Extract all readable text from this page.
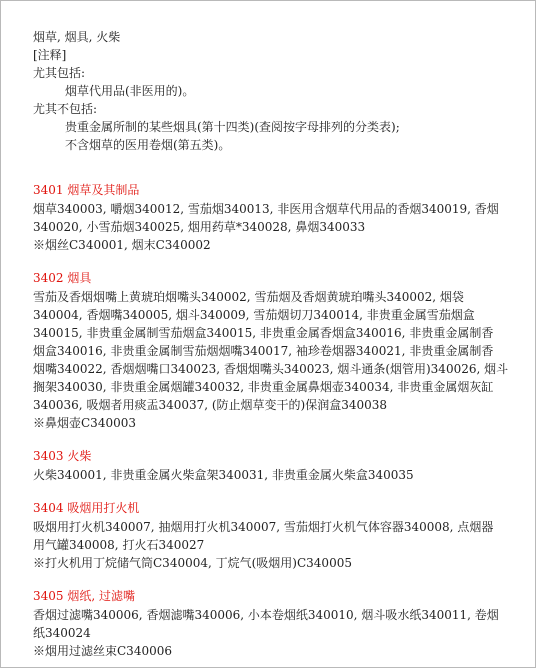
烟草, 烟具, 火柴
[注释]
尤其包括:
烟草代用品(非医用的)。
尤其不包括:
贵重金属所制的某些烟具(第十四类)(查阅按字母排列的分类表);
不含烟草的医用卷烟(第五类)。
3401 烟草及其制品
烟草340003, 嚼烟340012, 雪茄烟340013, 非医用含烟草代用品的香烟340019, 香烟
340020, 小雪茄烟340025, 烟用药草*340028, 鼻烟340033
※烟丝C340001, 烟末C340002
3402 烟具
雪茄及香烟烟嘴上黄琥珀烟嘴头340002, 雪茄烟及香烟黄琥珀嘴头340002, 烟袋
340004, 香烟嘴340005, 烟斗340009, 雪茄烟切刀340014, 非贵重金属雪茄烟盒
340015, 非贵重金属制雪茄烟盒340015, 非贵重金属香烟盒340016, 非贵重金属制香
烟盒340016, 非贵重金属制雪茄烟烟嘴340017, 袖珍卷烟器340021, 非贵重金属制香
烟嘴340022, 香烟烟嘴口340023, 香烟烟嘴头340023, 烟斗通条(烟管用)340026, 烟斗
搁架340030, 非贵重金属烟罐340032, 非贵重金属鼻烟壶340034, 非贵重金属烟灰缸
340036, 吸烟者用痰盂340037, (防止烟草变干的)保润盒340038
※鼻烟壶C340003
3403 火柴
火柴340001, 非贵重金属火柴盒架340031, 非贵重金属火柴盒340035
3404 吸烟用打火机
吸烟用打火机340007, 抽烟用打火机340007, 雪茄烟打火机气体容器340008, 点烟器
用气罐340008, 打火石340027
※打火机用丁烷储气筒C340004, 丁烷气(吸烟用)C340005
3405 烟纸, 过滤嘴
香烟过滤嘴340006, 香烟滤嘴340006, 小本卷烟纸340010, 烟斗吸水纸340011, 卷烟
纸340024
※烟用过滤丝束C340006
